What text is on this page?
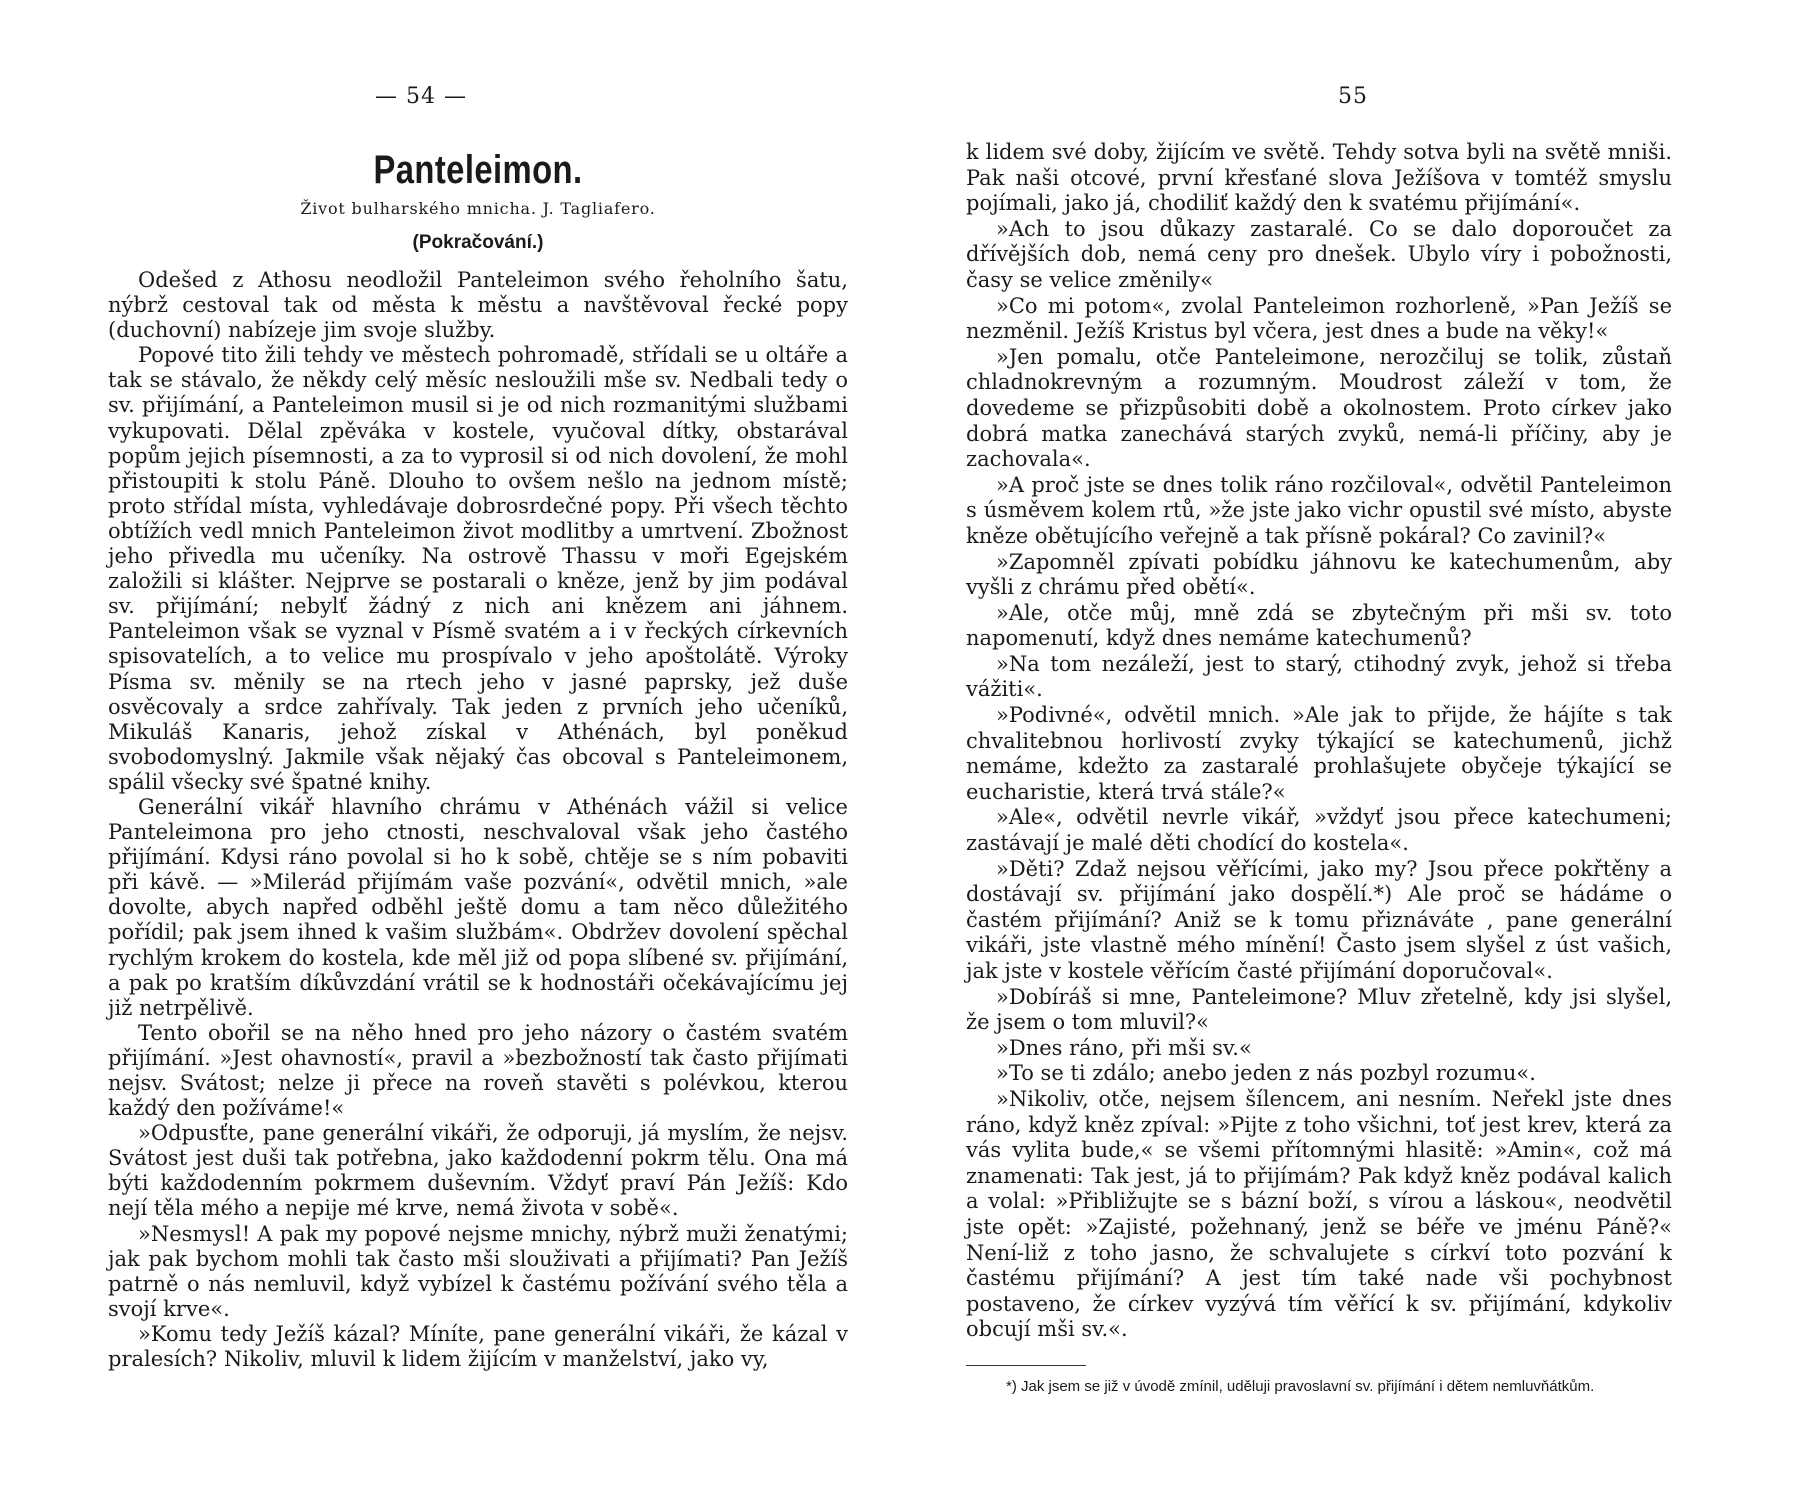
— 54 —
Panteleimon.
Život bulharského mnicha. J. Tagliafero.
(Pokračování.)

Odešed z Athosu neodložil Panteleimon svého řeholního šatu, nýbrž cestoval tak od města k městu a navštěvoval řecké popy (duchovní) nabízeje jim svoje služby.

Popové tito žili tehdy ve městech pohromadě, střídali se u oltáře a tak se stávalo, že někdy celý měsíc nesloužili mše sv. Nedbali tedy o sv. přijímání, a Panteleimon musil si je od nich rozmanitými službami vykupovati. Dělal zpěváka v kostele, vyučoval dítky, obstarával popům jejich písemnosti, a za to vyprosil si od nich dovolení, že mohl přistoupiti k stolu Páně. Dlouho to ovšem nešlo na jednom místě; proto střídal místa, vyhledávaje dobrosrdečné popy. Při všech těchto obtížích vedl mnich Panteleimon život modlitby a umrtvení. Zbožnost jeho přivedla mu učeníky. Na ostrově Thassu v moři Egejském založili si klášter. Nejprve se postarali o kněze, jenž by jim podával sv. přijímání; nebylť žádný z nich ani knězem ani jáhnem. Panteleimon však se vyznal v Písmě svatém a i v řeckých církevních spisovatelích, a to velice mu prospívalo v jeho apoštolátě. Výroky Písma sv. měnily se na rtech jeho v jasné paprsky, jež duše osvěcovaly a srdce zahřívaly. Tak jeden z prvních jeho učeníků, Mikuláš Kanaris, jehož získal v Athénách, byl poněkud svobodomyslný. Jakmile však nějaký čas obcoval s Panteleimonem, spálil všecky své špatné knihy.

Generální vikář hlavního chrámu v Athénách vážil si velice Panteleimona pro jeho ctnosti, neschvaloval však jeho častého přijímání. Kdysi ráno povolal si ho k sobě, chtěje se s ním pobaviti při kávě. — »Milerád přijímám vaše pozvání«, odvětil mnich, »ale dovolte, abych napřed odběhl ještě domu a tam něco důležitého pořídil; pak jsem ihned k vašim službám«. Obdržev dovolení spěchal rychlým krokem do kostela, kde měl již od popa slíbené sv. přijímání, a pak po kratším díkůvzdání vrátil se k hodnostáři očekávajícímu jej již netrpělivě.

Tento obořil se na něho hned pro jeho názory o častém svatém přijímání. »Jest ohavností«, pravil a »bezbožností tak často přijímati nejsv. Svátost; nelze ji přece na roveň stavěti s polévkou, kterou každý den požíváme!«

»Odpusťte, pane generální vikáři, že odporuji, já myslím, že nejsv. Svátost jest duši tak potřebna, jako každodenní pokrm tělu. Ona má býti každodenním pokrmem duševním. Vždyť praví Pán Ježíš: Kdo nejí těla mého a nepije mé krve, nemá života v sobě«.

»Nesmysl! A pak my popové nejsme mnichy, nýbrž muži ženatými; jak pak bychom mohli tak často mši slouživati a přijímati? Pan Ježíš patrně o nás nemluvil, když vybízel k častému požívání svého těla a svojí krve«.

»Komu tedy Ježíš kázal? Míníte, pane generální vikáři, že kázal v pralesích? Nikoliv, mluvil k lidem žijícím v manželství, jako vy,

55

k lidem své doby, žijícím ve světě. Tehdy sotva byli na světě mniši. Pak naši otcové, první křesťané slova Ježíšova v tomtéž smyslu pojímali, jako já, chodiliť každý den k svatému přijímání«.

»Ach to jsou důkazy zastaralé. Co se dalo doporoučet za dřívějších dob, nemá ceny pro dnešek. Ubylo víry i pobožnosti, časy se velice změnily«

»Co mi potom«, zvolal Panteleimon rozhorleně, »Pan Ježíš se nezměnil. Ježíš Kristus byl včera, jest dnes a bude na věky!«

»Jen pomalu, otče Panteleimone, nerozčiluj se tolik, zůstaň chladnokrevným a rozumným. Moudrost záleží v tom, že dovedeme se přizpůsobiti době a okolnostem. Proto církev jako dobrá matka zanechává starých zvyků, nemá-li příčiny, aby je zachovala«.

»A proč jste se dnes tolik ráno rozčiloval«, odvětil Panteleimon s úsměvem kolem rtů, »že jste jako vichr opustil své místo, abyste kněze obětujícího veřejně a tak přísně pokáral? Co zavinil?«

»Zapomněl zpívati pobídku jáhnovu ke katechumenům, aby vyšli z chrámu před obětí«.

»Ale, otče můj, mně zdá se zbytečným při mši sv. toto napomenutí, když dnes nemáme katechumenů?

»Na tom nezáleží, jest to starý, ctihodný zvyk, jehož si třeba vážiti«.

»Podivné«, odvětil mnich. »Ale jak to přijde, že hájíte s tak chvalitebnou horlivostí zvyky týkající se katechumenů, jichž nemáme, kdežto za zastaralé prohlašujete obyčeje týkající se eucharistie, která trvá stále?«

»Ale«, odvětil nevrle vikář, »vždyť jsou přece katechumeni; zastávají je malé děti chodící do kostela«.

»Děti? Zdaž nejsou věřícími, jako my? Jsou přece pokřtěny a dostávají sv. přijímání jako dospělí.*) Ale proč se hádáme o častém přijímání? Aniž se k tomu přiznáváte , pane generální vikáři, jste vlastně mého mínění! Často jsem slyšel z úst vašich, jak jste v kostele věřícím časté přijímání doporučoval«.

»Dobíráš si mne, Panteleimone? Mluv zřetelně, kdy jsi slyšel, že jsem o tom mluvil?«

»Dnes ráno, při mši sv.«

»To se ti zdálo; anebo jeden z nás pozbyl rozumu«.

»Nikoliv, otče, nejsem šílencem, ani nesním. Neřekl jste dnes ráno, když kněz zpíval: »Pijte z toho všichni, toť jest krev, která za vás vylita bude,« se všemi přítomnými hlasitě: »Amin«, což má znamenati: Tak jest, já to přijímám? Pak když kněz podával kalich a volal: »Přibližujte se s bázní boží, s vírou a láskou«, neodvětil jste opět: »Zajisté, požehnaný, jenž se béře ve jménu Páně?« Není-liž z toho jasno, že schvalujete s církví toto pozvání k častému přijímání? A jest tím také nade vši pochybnost postaveno, že církev vyzývá tím věřící k sv. přijímání, kdykoliv obcují mši sv.«.

*) Jak jsem se již v úvodě zmínil, uděluji pravoslavní sv. přijímání i dětem nemluvňátkům.
